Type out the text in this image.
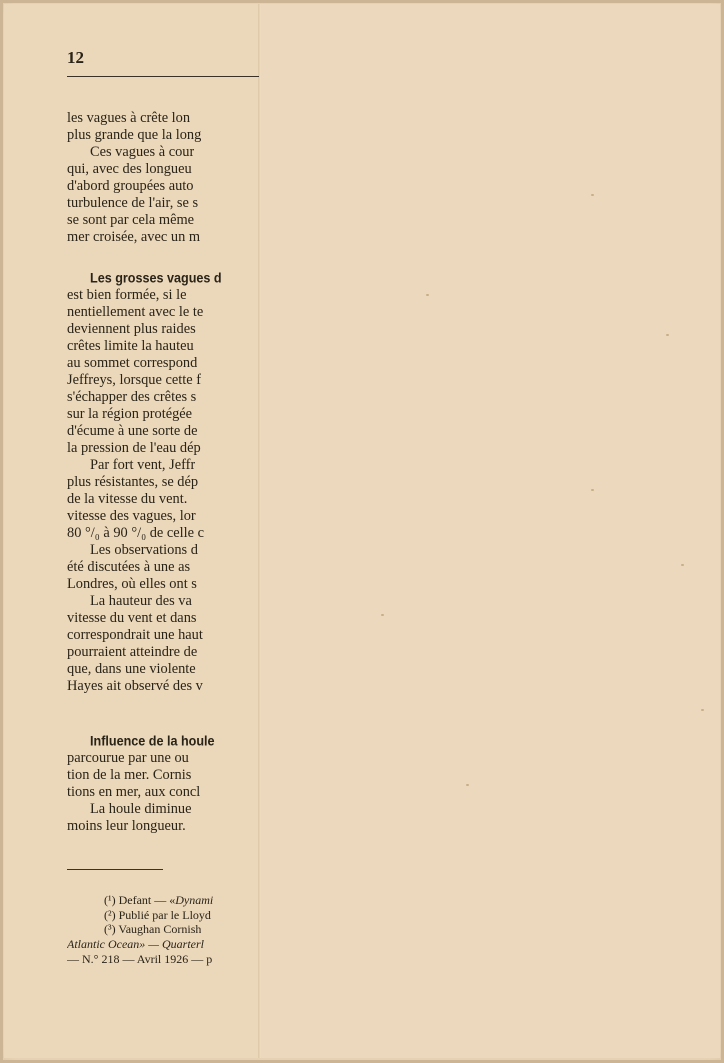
12
les vagues à crête lon
plus grande que la long
Ces vagues à cour
qui, avec des longueu
d'abord groupées auto
turbulence de l'air, se s
se sont par cela même
mer croisée, avec un m
Les grosses vagues d
est bien formée, si le
nentiellement avec le te
deviennent plus raides
crêtes limite la hauteu
au sommet correspond
Jeffreys, lorsque cette f
s'échapper des crêtes s
sur la région protégée
d'écume à une sorte de
la pression de l'eau dép
Par fort vent, Jeffr
plus résistantes, se dép
de la vitesse du vent.
vitesse des vagues, lor
80 °/₀ à 90 °/₀ de celle c
Les observations d
été discutées à une as
Londres, où elles ont s
La hauteur des va
vitesse du vent et dans
correspondrait une haut
pourraient atteindre de
que, dans une violente
Hayes ait observé des v
Influence de la houle
parcourue par une ou
tion de la mer. Cornis
tions en mer, aux concl
La houle diminue
moins leur longueur.
(¹) Defant — «Dynami
(²) Publié par le Lloyd
(³) Vaughan Cornish
Atlantic Ocean» — Quarterl
— N.° 218 — Avril 1926 — p
